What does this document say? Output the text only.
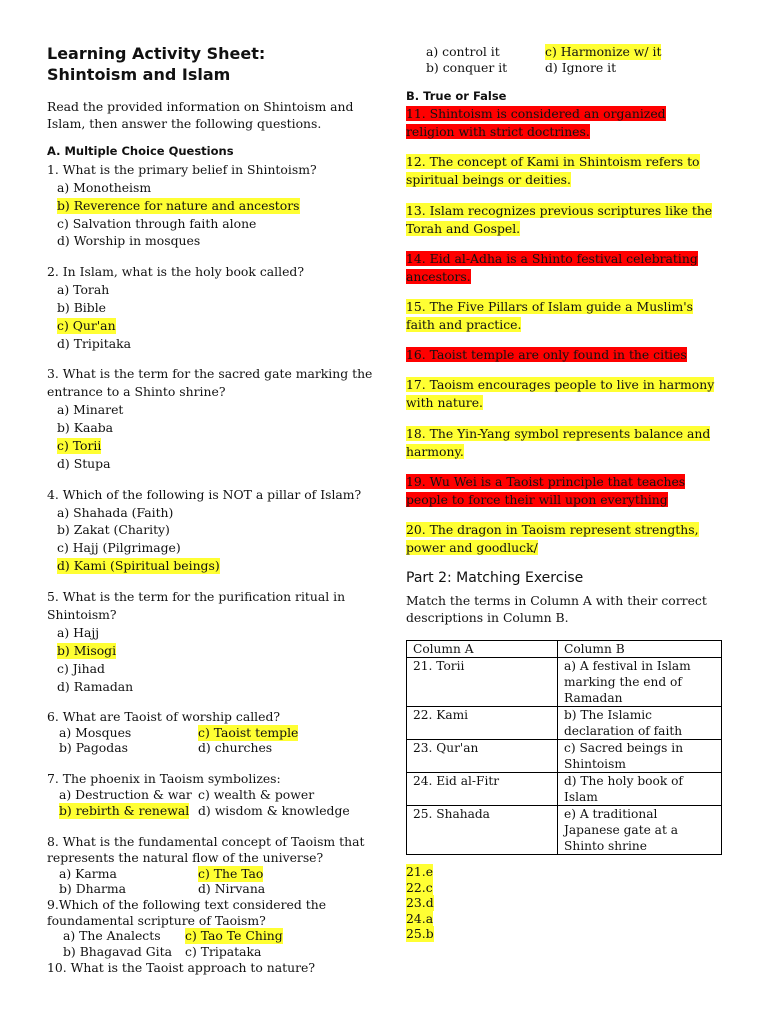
Learning Activity Sheet: Shintoism and Islam
Read the provided information on Shintoism and
Islam, then answer the following questions.
A. Multiple Choice Questions
1. What is the primary belief in Shintoism?
a) Monotheism
b) Reverence for nature and ancestors
c) Salvation through faith alone
d) Worship in mosques
2. In Islam, what is the holy book called?
a) Torah
b) Bible
c) Qur'an
d) Tripitaka
3. What is the term for the sacred gate marking the
entrance to a Shinto shrine?
a) Minaret
b) Kaaba
c) Torii
d) Stupa
4. Which of the following is NOT a pillar of Islam?
a) Shahada (Faith)
b) Zakat (Charity)
c) Hajj (Pilgrimage)
d) Kami (Spiritual beings)
5. What is the term for the purification ritual in
Shintoism?
a) Hajj
b) Misogi
c) Jihad
d) Ramadan
6. What are Taoist of worship called?
a) Mosques	c) Taoist temple
b) Pagodas	d) churches
7. The phoenix in Taoism symbolizes:
a) Destruction & war c) wealth & power
b) rebirth & renewal d) wisdom & knowledge
8. What is the fundamental concept of Taoism that
represents the natural flow of the universe?
a) Karma	c) The Tao
b) Dharma	d) Nirvana
9.Which of the following text considered the
foundamental scripture of Taoism?
a) The Analects c) Tao Te Ching
b) Bhagavad Gita c) Tripataka
10. What is the Taoist approach to nature?
a) control it	c) Harmonize w/ it
b) conquer it	d) Ignore it
B. True or False
11. Shintoism is considered an organized religion with strict doctrines.
12. The concept of Kami in Shintoism refers to spiritual beings or deities.
13. Islam recognizes previous scriptures like the Torah and Gospel.
14. Eid al-Adha is a Shinto festival celebrating ancestors.
15. The Five Pillars of Islam guide a Muslim's faith and practice.
16. Taoist temple are only found in the cities
17. Taoism encourages people to live in harmony with nature.
18. The Yin-Yang symbol represents balance and harmony.
19. Wu Wei is a Taoist principle that teaches people to force their will upon everything
20. The dragon in Taoism represent strengths, power and goodluck/
Part 2: Matching Exercise
Match the terms in Column A with their correct
descriptions in Column B.
Column A	Column B
21. Torii	a) A festival in Islam marking the end of Ramadan
22. Kami	b) The Islamic declaration of faith
23. Qur'an	c) Sacred beings in Shintoism
24. Eid al-Fitr	d) The holy book of Islam
25. Shahada	e) A traditional Japanese gate at a Shinto shrine
21.e
22.c
23.d
24.a
25.b
